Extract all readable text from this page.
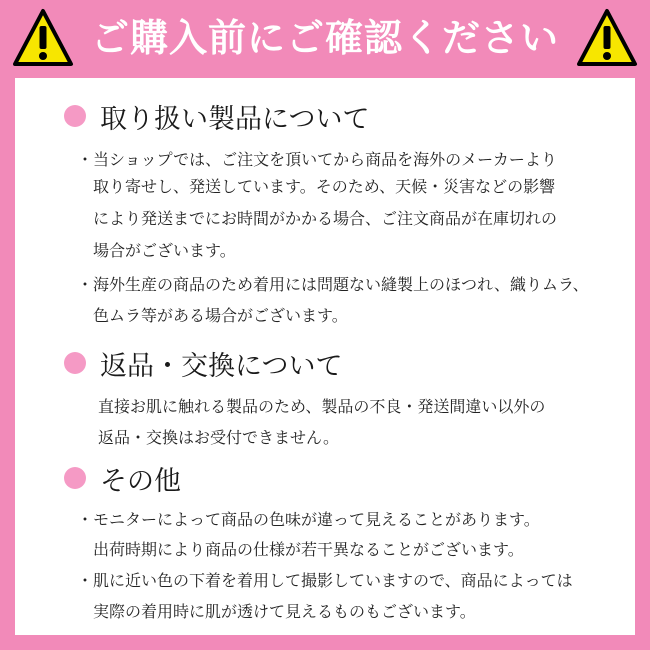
ご購入前にご確認ください
取り扱い製品について
・当ショップでは、ご注文を頂いてから商品を海外のメーカーより
取り寄せし、発送しています。そのため、天候・災害などの影響
により発送までにお時間がかかる場合、ご注文商品が在庫切れの
場合がございます。
・海外生産の商品のため着用には問題ない縫製上のほつれ、織りムラ、
色ムラ等がある場合がございます。
返品・交換について
直接お肌に触れる製品のため、製品の不良・発送間違い以外の
返品・交換はお受付できません。
その他
・モニターによって商品の色味が違って見えることがあります。
出荷時期により商品の仕様が若干異なることがございます。
・肌に近い色の下着を着用して撮影していますので、商品によっては
実際の着用時に肌が透けて見えるものもございます。
